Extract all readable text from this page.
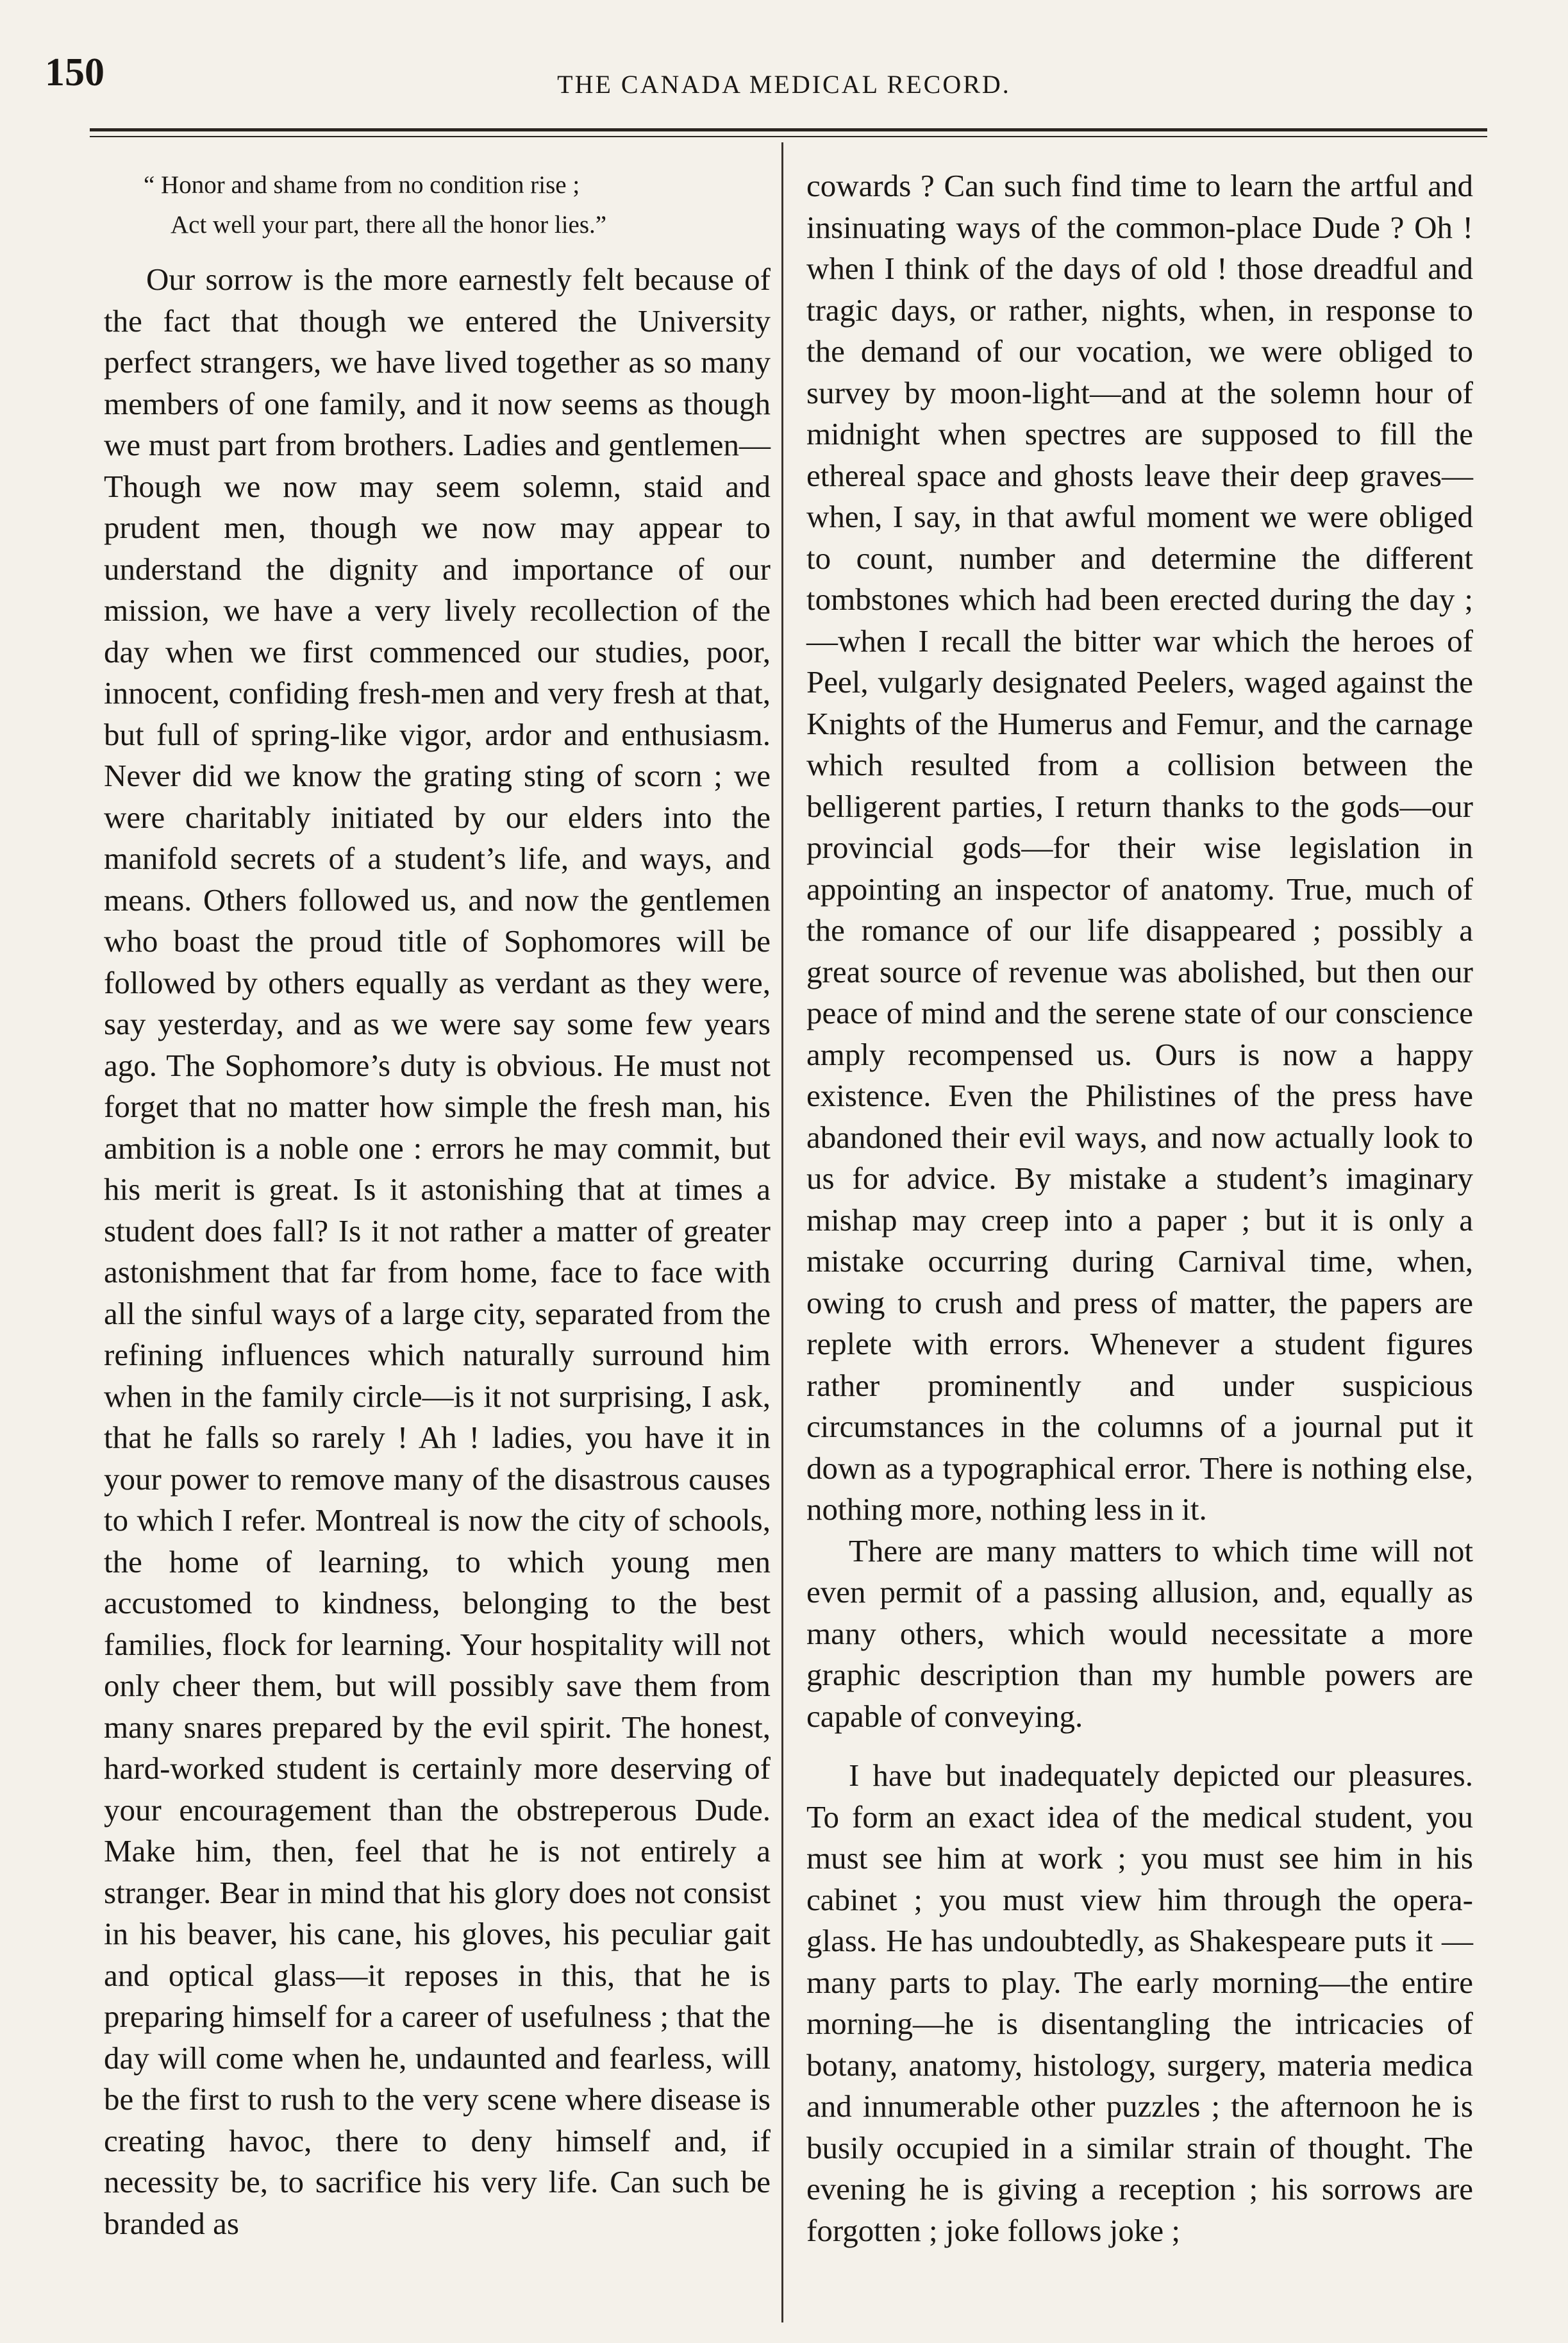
150	THE CANADA MEDICAL RECORD.
“ Honor and shame from no condition rise ;
Act well your part, there all the honor lies.”

Our sorrow is the more earnestly felt because of the fact that though we entered the University perfect strangers, we have lived together as so many members of one family, and it now seems as though we must part from brothers. Ladies and gentlemen—Though we now may seem solemn, staid and prudent men, though we now may appear to understand the dignity and importance of our mission, we have a very lively recollection of the day when we first commenced our studies, poor, innocent, confiding fresh-men and very fresh at that, but full of spring-like vigor, ardor and enthusiasm. Never did we know the grating sting of scorn ; we were charitably initiated by our elders into the manifold secrets of a student’s life, and ways, and means. Others followed us, and now the gentlemen who boast the proud title of Sophomores will be followed by others equally as verdant as they were, say yesterday, and as we were say some few years ago. The Sophomore’s duty is obvious. He must not forget that no matter how simple the fresh man, his ambition is a noble one : errors he may commit, but his merit is great. Is it astonishing that at times a student does fall? Is it not rather a matter of greater astonishment that far from home, face to face with all the sinful ways of a large city, separated from the refining influences which naturally surround him when in the family circle—is it not surprising, I ask, that he falls so rarely ! Ah ! ladies, you have it in your power to remove many of the disastrous causes to which I refer. Montreal is now the city of schools, the home of learning, to which young men accustomed to kindness, belonging to the best families, flock for learning. Your hospitality will not only cheer them, but will possibly save them from many snares prepared by the evil spirit. The honest, hard-worked student is certainly more deserving of your encouragement than the obstreperous Dude. Make him, then, feel that he is not entirely a stranger. Bear in mind that his glory does not consist in his beaver, his cane, his gloves, his peculiar gait and optical glass—it reposes in this, that he is preparing himself for a career of usefulness ; that the day will come when he, undaunted and fearless, will be the first to rush to the very scene where disease is creating havoc, there to deny himself and, if necessity be, to sacrifice his very life. Can such be branded as

cowards ? Can such find time to learn the artful and insinuating ways of the common-place Dude ? Oh ! when I think of the days of old ! those dreadful and tragic days, or rather, nights, when, in response to the demand of our vocation, we were obliged to survey by moon-light—and at the solemn hour of midnight when spectres are supposed to fill the ethereal space and ghosts leave their deep graves—when, I say, in that awful moment we were obliged to count, number and determine the different tombstones which had been erected during the day ;—when I recall the bitter war which the heroes of Peel, vulgarly designated Peelers, waged against the Knights of the Humerus and Femur, and the carnage which resulted from a collision between the belligerent parties, I return thanks to the gods—our provincial gods—for their wise legislation in appointing an inspector of anatomy. True, much of the romance of our life disappeared ; possibly a great source of revenue was abolished, but then our peace of mind and the serene state of our conscience amply recompensed us. Ours is now a happy existence. Even the Philistines of the press have abandoned their evil ways, and now actually look to us for advice. By mistake a student’s imaginary mishap may creep into a paper ; but it is only a mistake occurring during Carnival time, when, owing to crush and press of matter, the papers are replete with errors. Whenever a student figures rather prominently and under suspicious circumstances in the columns of a journal put it down as a typographical error. There is nothing else, nothing more, nothing less in it.

There are many matters to which time will not even permit of a passing allusion, and, equally as many others, which would necessitate a more graphic description than my humble powers are capable of conveying.

I have but inadequately depicted our pleasures. To form an exact idea of the medical student, you must see him at work ; you must see him in his cabinet ; you must view him through the opera-glass. He has undoubtedly, as Shakespeare puts it —many parts to play. The early morning—the entire morning—he is disentangling the intricacies of botany, anatomy, histology, surgery, materia medica and innumerable other puzzles ; the afternoon he is busily occupied in a similar strain of thought. The evening he is giving a reception ; his sorrows are forgotten ; joke follows joke ;
